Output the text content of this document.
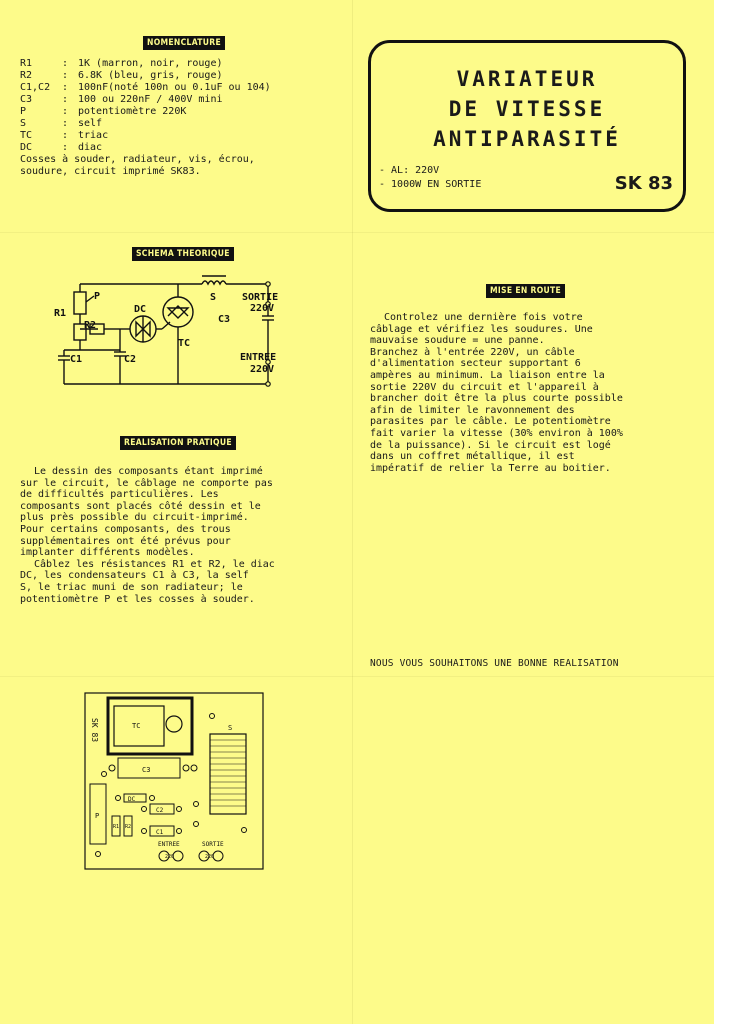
NOMENCLATURE
R1	: 1K (marron, noir, rouge)
R2	: 6.8K (bleu, gris, rouge)
C1,C2	: 100nF(noté 100n ou 0.1uF ou 104)
C3	: 100 ou 220nF / 400V mini
P	: potentiomètre 220K
S	: self
TC	: triac
DC	: diac
Cosses à souder, radiateur, vis, écrou,
soudure, circuit imprimé SK83.
VARIATEUR
DE VITESSE
ANTIPARASITÉ
- AL: 220V
- 1000W EN SORTIE	SK 83
SCHEMA THEORIQUE
P
R1
R2
DC
TC
S
C1	C2
C3
SORTIE
220V
ENTREE
220V
REALISATION PRATIQUE

Le dessin des composants étant imprimé

sur le circuit, le câblage ne comporte pas

de difficultés particulières. Les

composants sont placés côté dessin et le

plus près possible du circuit-imprimé.

Pour certains composants, des trous

supplémentaires ont été prévus pour

implanter différents modèles.

Câblez les résistances R1 et R2, le diac

DC, les condensateurs C1 à C3, la self

S, le triac muni de son radiateur; le

potentiomètre P et les cosses à souder.

MISE EN ROUTE

Controlez une dernière fois votre

câblage et vérifiez les soudures. Une

mauvaise soudure = une panne.

Branchez à l'entrée 220V, un câble

d'alimentation secteur supportant 6

ampères au minimum. La liaison entre la

sortie 220V du circuit et l'appareil à

brancher doit être la plus courte possible

afin de limiter le ravonnement des

parasites par le câble. Le potentiomètre

fait varier la vitesse (30% environ à 100%

de la puissance). Si le circuit est logé

dans un coffret métallique, il est

impératif de relier la Terre au boitier.

NOUS VOUS SOUHAITONS UNE BONNE REALISATION
SK 83	TC	S
C3
DC
C2
C1
R1 R2
P
ENTREE	SORTIE
220	220
